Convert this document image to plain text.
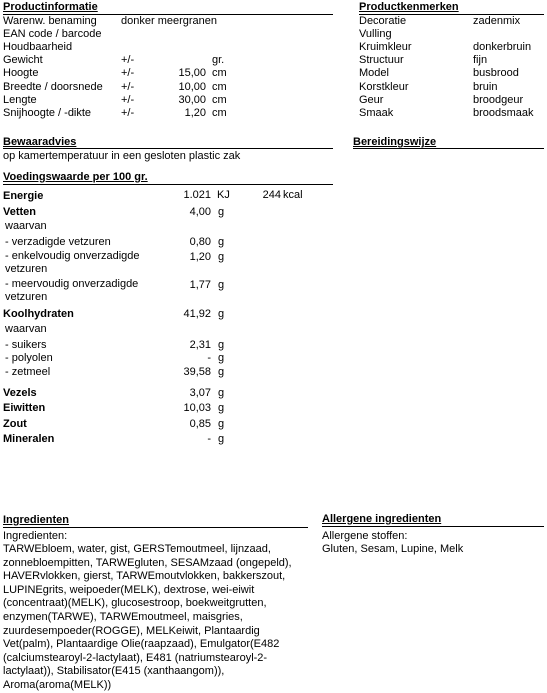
Productinformatie
Warenw. benaming donker meergranen
EAN code / barcode
Houdbaarheid
Gewicht	+/-	gr.
Hoogte	+/-	15,00 cm
Breedte / doorsnede +/-	10,00 cm
Lengte	+/-	30,00 cm
Snijhoogte / -dikte	+/-	1,20 cm
Productkenmerken
Decoratie	zadenmix
Vulling
Kruimkleur	donkerbruin
Structuur	fijn
Model	busbrood
Korstkleur	bruin
Geur	broodgeur
Smaak	broodsmaak
Bewaaradvies
op kamertemperatuur in een gesloten plastic zak
Bereidingswijze
Voedingswaarde per 100 gr.
Energie	1.021 KJ	244 kcal
Vetten	4,00 g
waarvan
- verzadigde vetzuren	0,80 g
- enkelvoudig onverzadigde vetzuren
1,20 g
- meervoudig onverzadigde vetzuren
1,77 g
Koolhydraten	41,92 g
waarvan
- suikers	2,31 g
- polyolen	- g
- zetmeel	39,58 g
Vezels	3,07 g
Eiwitten	10,03 g
Zout	0,85 g
Mineralen	- g
Ingredienten
Ingredienten:
TARWEbloem, water, gist, GERSTemoutmeel, lijnzaad, zonnebloempitten, TARWEgluten, SESAMzaad (ongepeld), HAVERvlokken, gierst, TARWEmoutvlokken, bakkerszout, LUPINEgrits, weipoeder(MELK), dextrose, wei-eiwit (concentraat)(MELK), glucosestroop, boekweitgrutten, enzymen(TARWE), TARWEmoutmeel, maisgries, zuurdesempoeder(ROGGE), MELKeiwit, Plantaardig Vet(palm), Plantaardige Olie(raapzaad), Emulgator(E482 (calciumstearoyl-2-lactylaat), E481 (natriumstearoyl-2-lactylaat)), Stabilisator(E415 (xanthaangom)), Aroma(aroma(MELK))
Allergene ingredienten
Allergene stoffen:
Gluten, Sesam, Lupine, Melk
